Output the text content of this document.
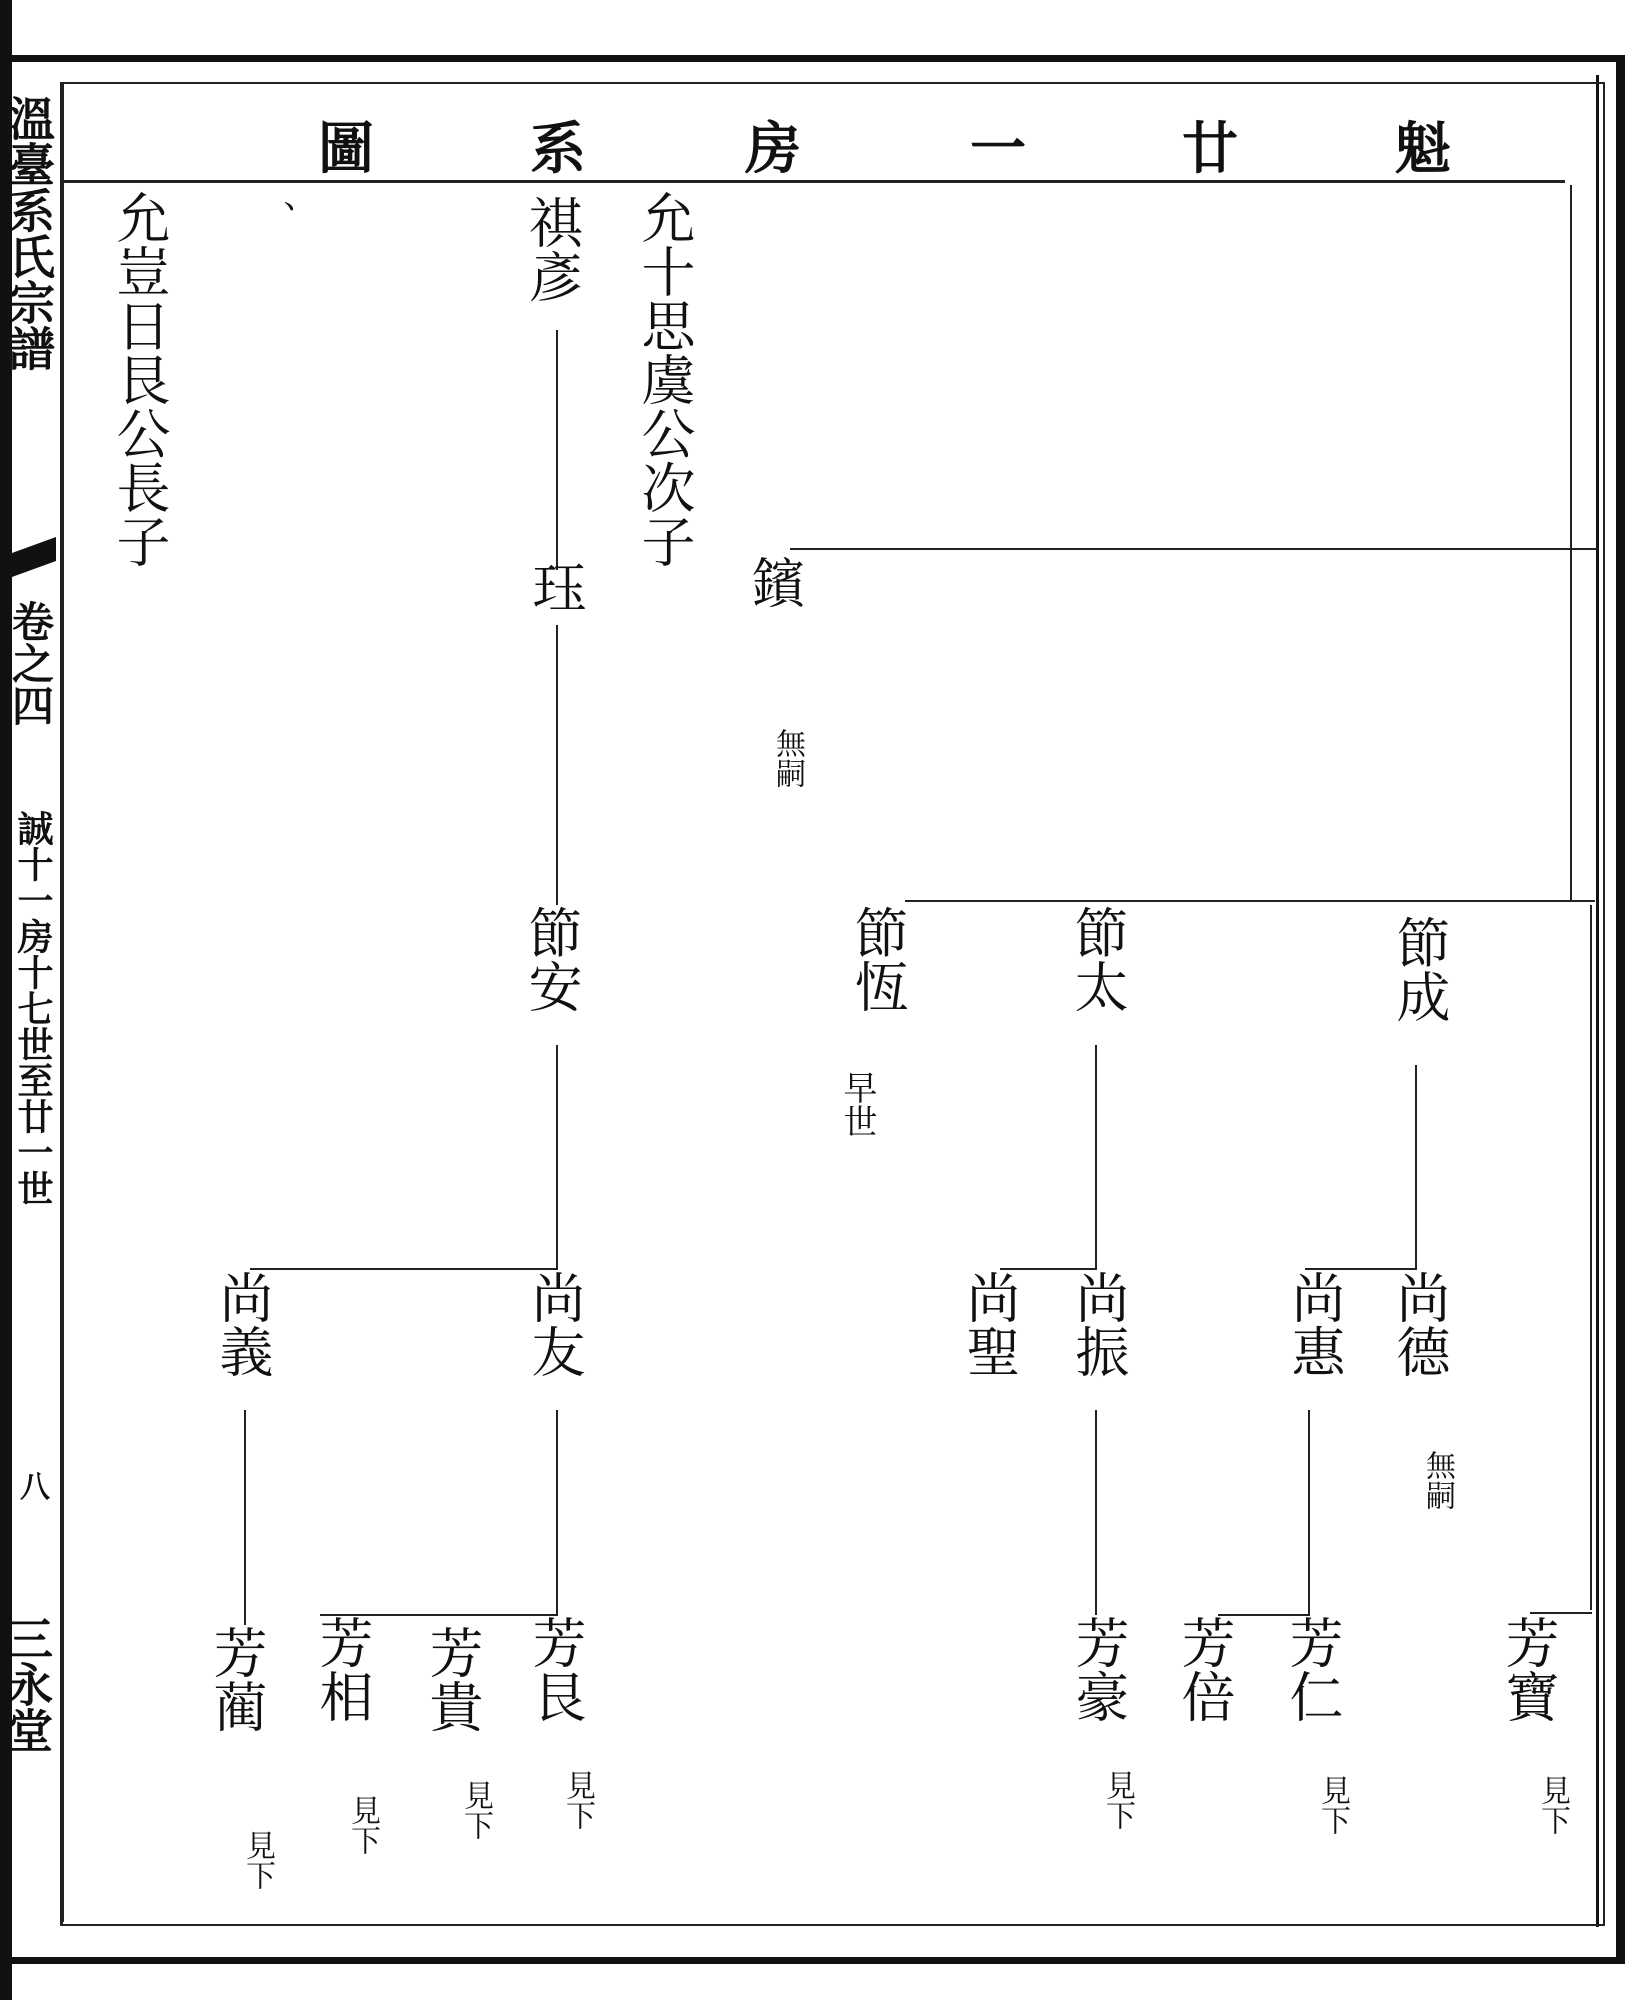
溫臺系氏宗譜
卷之四
誠十一房十七世至廿一世
八
三永堂
魁
廿
一
房
系
圖
允十思虞公次子
允豈日艮公長子 、	祺彥
珏
節安
尚友
尚義
芳艮
芳貴
芳相
芳蔺
見下
見下
見下
見下
鑌
無嗣
節恆
早世
節太	節成
尚聖 尚振	尚惠 尚德
無嗣
芳豪
見下
芳倍 芳仁
見下
芳寶
見下
